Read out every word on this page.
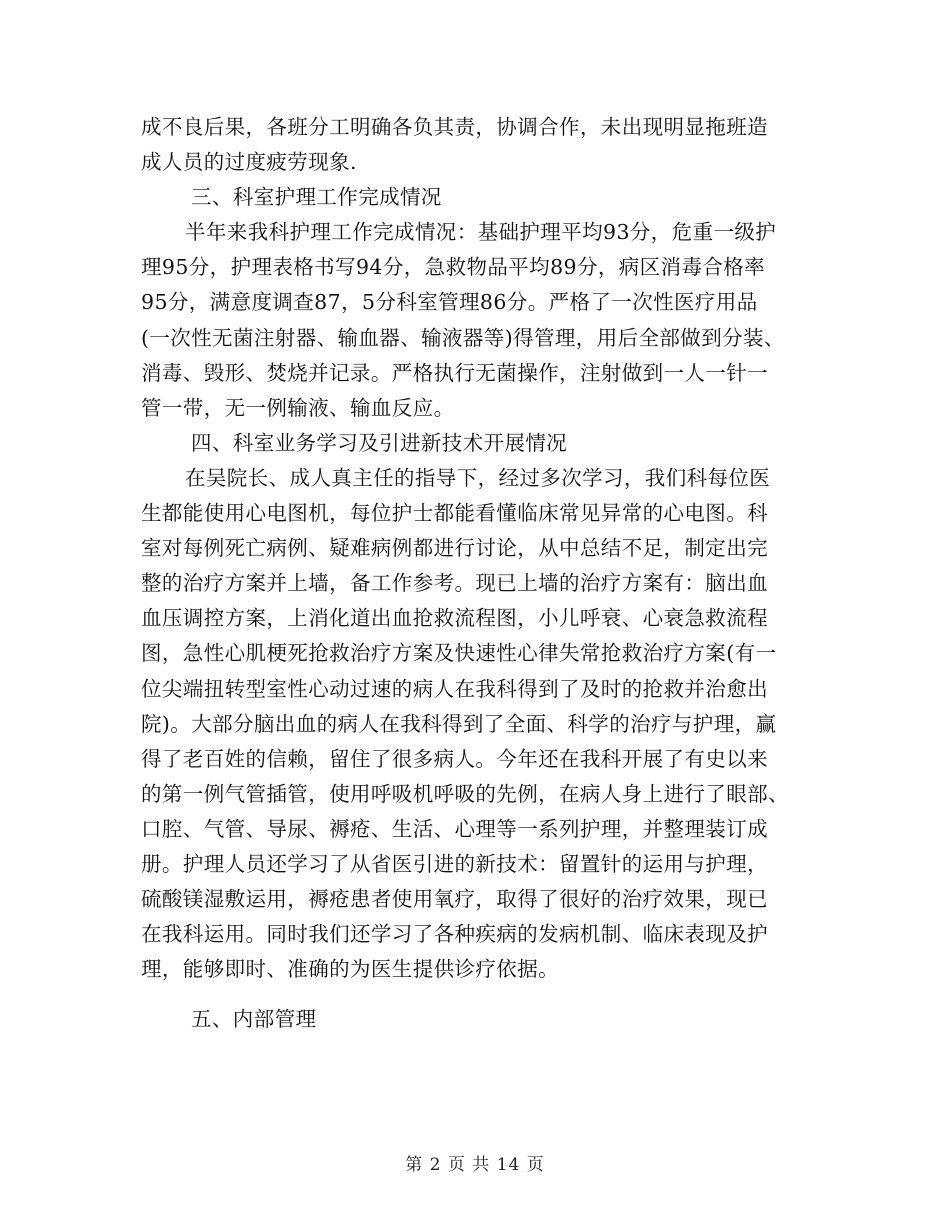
成不良后果，各班分工明确各负其责，协调合作，未出现明显拖班造
成人员的过度疲劳现象.
三、科室护理工作完成情况
半年来我科护理工作完成情况：基础护理平均93分，危重一级护
理95分，护理表格书写94分，急救物品平均89分，病区消毒合格率
95分，满意度调查87，5分科室管理86分。严格了一次性医疗用品
(一次性无菌注射器、输血器、输液器等)得管理，用后全部做到分装、
消毒、毁形、焚烧并记录。严格执行无菌操作，注射做到一人一针一
管一带，无一例输液、输血反应。
四、科室业务学习及引进新技术开展情况
在吴院长、成人真主任的指导下，经过多次学习，我们科每位医
生都能使用心电图机，每位护士都能看懂临床常见异常的心电图。科
室对每例死亡病例、疑难病例都进行讨论，从中总结不足，制定出完
整的治疗方案并上墙，备工作参考。现已上墙的治疗方案有：脑出血
血压调控方案，上消化道出血抢救流程图，小儿呼衰、心衰急救流程
图，急性心肌梗死抢救治疗方案及快速性心律失常抢救治疗方案(有一
位尖端扭转型室性心动过速的病人在我科得到了及时的抢救并治愈出
院)。大部分脑出血的病人在我科得到了全面、科学的治疗与护理，赢
得了老百姓的信赖，留住了很多病人。今年还在我科开展了有史以来
的第一例气管插管，使用呼吸机呼吸的先例，在病人身上进行了眼部、
口腔、气管、导尿、褥疮、生活、心理等一系列护理，并整理装订成
册。护理人员还学习了从省医引进的新技术：留置针的运用与护理，
硫酸镁湿敷运用，褥疮患者使用氧疗，取得了很好的治疗效果，现已
在我科运用。同时我们还学习了各种疾病的发病机制、临床表现及护
理，能够即时、准确的为医生提供诊疗依据。
五、内部管理
第 2 页 共 14 页
